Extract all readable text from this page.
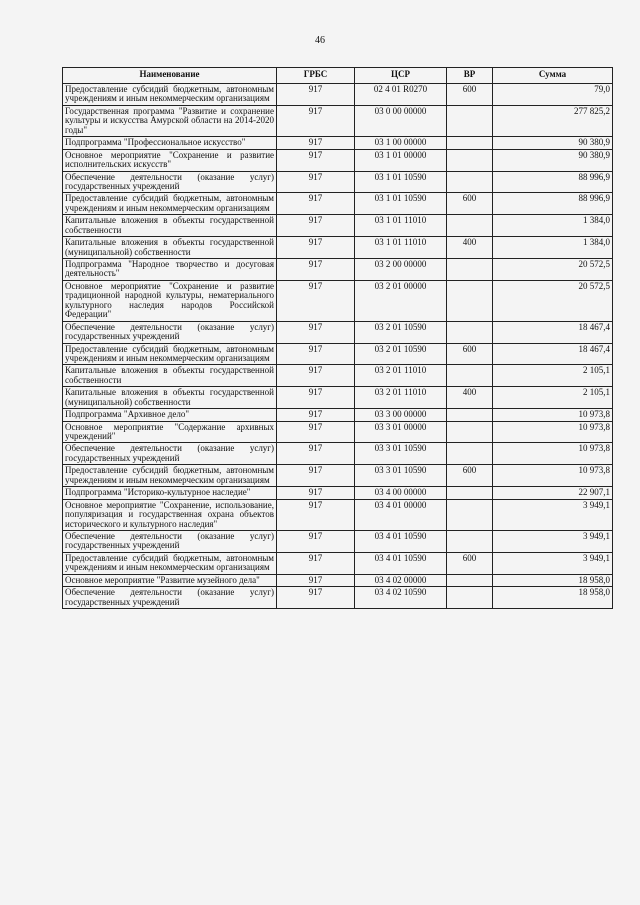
46
Наименование	ГРБС	ЦСР	ВР	Сумма
Предоставление субсидий бюджетным, автономным учреждениям и иным некоммерческим организациям	917	02 4 01 R0270	600	79,0
Государственная программа "Развитие и сохранение культуры и искусства Амурской области на 2014-2020 годы"	917	03 0 00 00000		277 825,2
Подпрограмма "Профессиональное искусство"	917	03 1 00 00000		90 380,9
Основное мероприятие "Сохранение и развитие исполнительских искусств"	917	03 1 01 00000		90 380,9
Обеспечение деятельности (оказание услуг) государственных учреждений	917	03 1 01 10590		88 996,9
Предоставление субсидий бюджетным, автономным учреждениям и иным некоммерческим организациям	917	03 1 01 10590	600	88 996,9
Капитальные вложения в объекты государственной собственности	917	03 1 01 11010		1 384,0
Капитальные вложения в объекты государственной (муниципальной) собственности	917	03 1 01 11010	400	1 384,0
Подпрограмма "Народное творчество и досуговая деятельность"	917	03 2 00 00000		20 572,5
Основное мероприятие "Сохранение и развитие традиционной народной культуры, нематериального культурного наследия народов Российской Федерации"	917	03 2 01 00000		20 572,5
Обеспечение деятельности (оказание услуг) государственных учреждений	917	03 2 01 10590		18 467,4
Предоставление субсидий бюджетным, автономным учреждениям и иным некоммерческим организациям	917	03 2 01 10590	600	18 467,4
Капитальные вложения в объекты государственной собственности	917	03 2 01 11010		2 105,1
Капитальные вложения в объекты государственной (муниципальной) собственности	917	03 2 01 11010	400	2 105,1
Подпрограмма "Архивное дело"	917	03 3 00 00000		10 973,8
Основное мероприятие "Содержание архивных учреждений"	917	03 3 01 00000		10 973,8
Обеспечение деятельности (оказание услуг) государственных учреждений	917	03 3 01 10590		10 973,8
Предоставление субсидий бюджетным, автономным учреждениям и иным некоммерческим организациям	917	03 3 01 10590	600	10 973,8
Подпрограмма "Историко-культурное наследие"	917	03 4 00 00000		22 907,1
Основное мероприятие "Сохранение, использование, популяризация и государственная охрана объектов исторического и культурного наследия"	917	03 4 01 00000		3 949,1
Обеспечение деятельности (оказание услуг) государственных учреждений	917	03 4 01 10590		3 949,1
Предоставление субсидий бюджетным, автономным учреждениям и иным некоммерческим организациям	917	03 4 01 10590	600	3 949,1
Основное мероприятие "Развитие музейного дела"	917	03 4 02 00000		18 958,0
Обеспечение деятельности (оказание услуг) государственных учреждений	917	03 4 02 10590		18 958,0
